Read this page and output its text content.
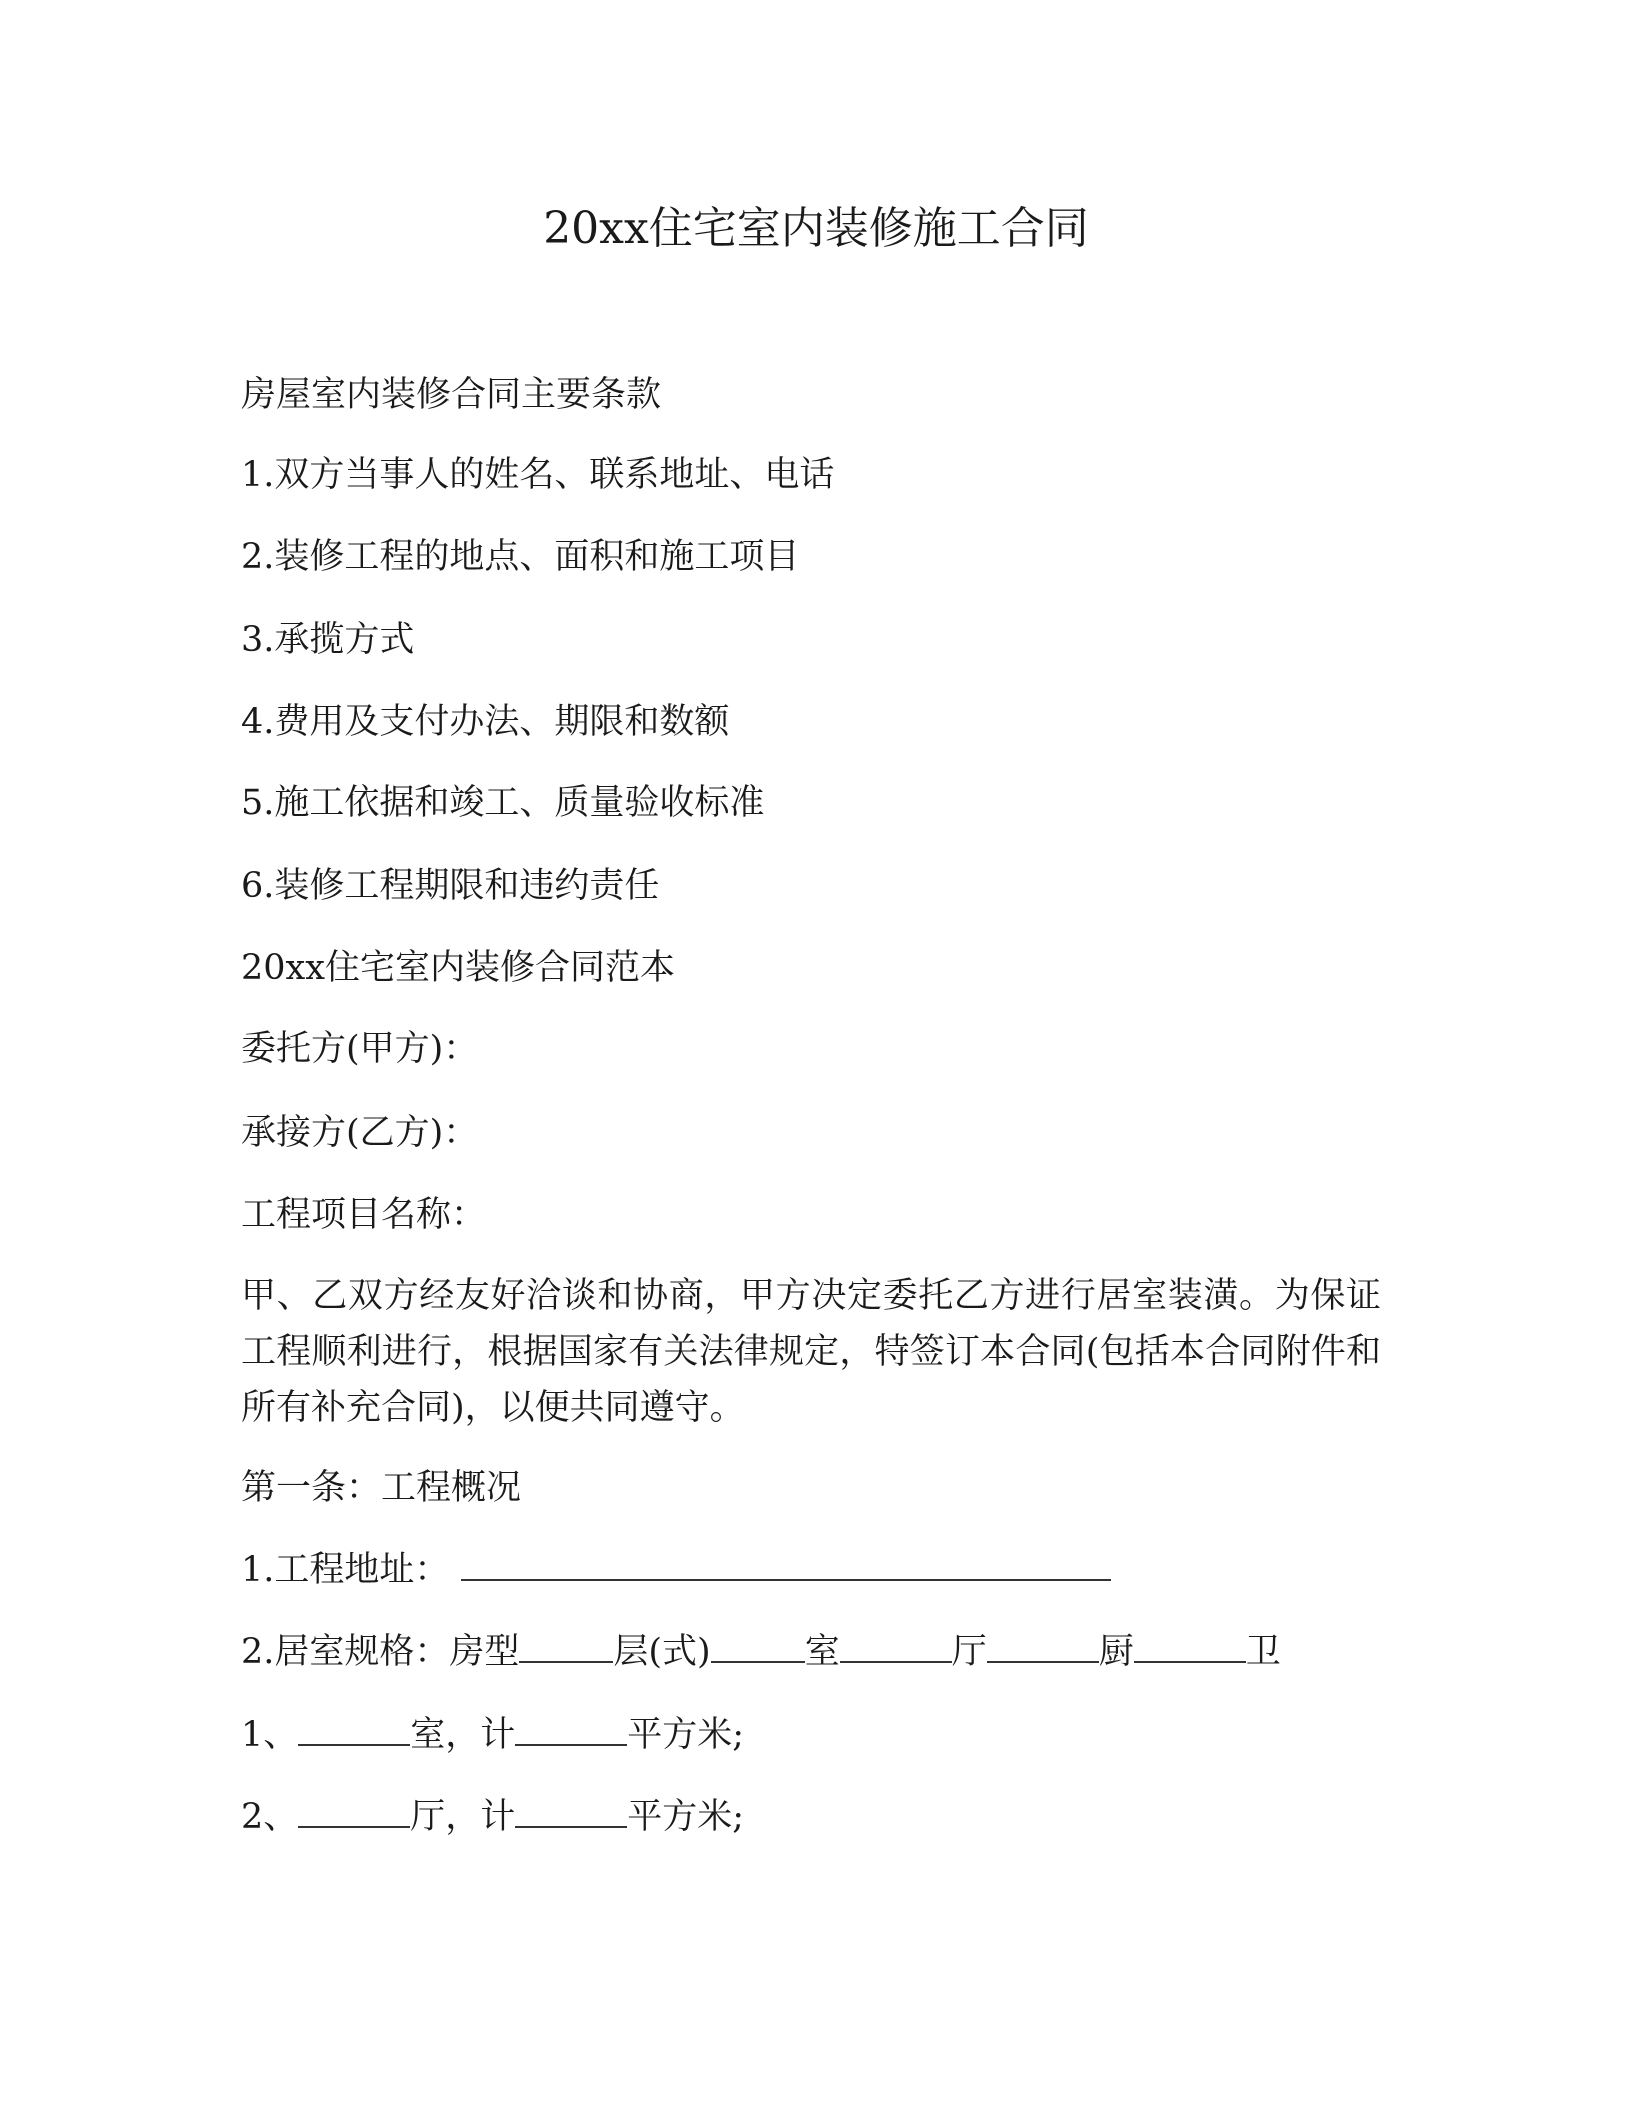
20xx住宅室内装修施工合同
房屋室内装修合同主要条款
1.双方当事人的姓名、联系地址、电话
2.装修工程的地点、面积和施工项目
3.承揽方式
4.费用及支付办法、期限和数额
5.施工依据和竣工、质量验收标准
6.装修工程期限和违约责任
20xx住宅室内装修合同范本
委托方(甲方)：
承接方(乙方)：
工程项目名称：
甲、乙双方经友好洽谈和协商，甲方决定委托乙方进行居室装潢。为保证工程顺利进行，根据国家有关法律规定，特签订本合同(包括本合同附件和所有补充合同)，以便共同遵守。
第一条：工程概况
1.工程地址：
2.居室规格：房型	层(式)	室	厅	厨	卫
1、	室，计	平方米;
2、	厅，计	平方米;
